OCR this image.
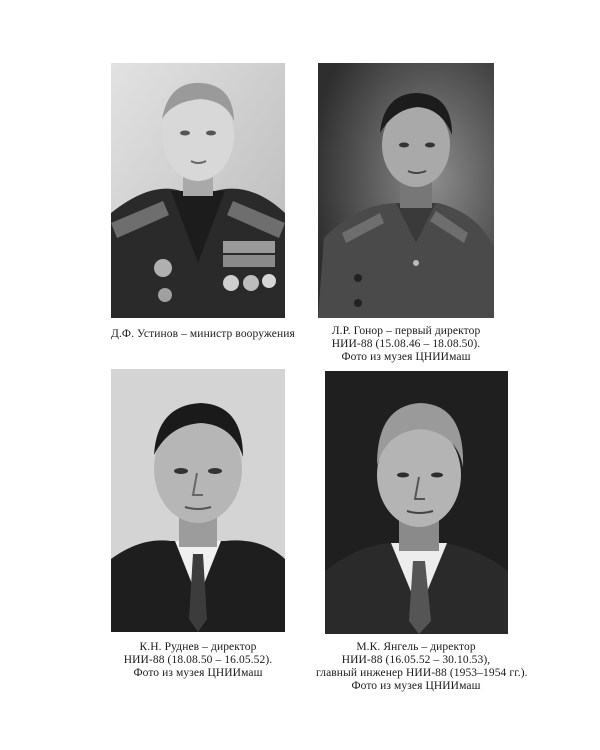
Д.Ф. Устинов – министр вооружения	Л.Р. Гонор – первый директор
НИИ-88 (15.08.46 – 18.08.50).
Фото из музея ЦНИИмаш
К.Н. Руднев – директор
НИИ-88 (18.08.50 – 16.05.52).
Фото из музея ЦНИИмаш
М.К. Янгель – директор
НИИ-88 (16.05.52 – 30.10.53),
главный инженер НИИ-88 (1953–1954 гг.).
Фото из музея ЦНИИмаш
